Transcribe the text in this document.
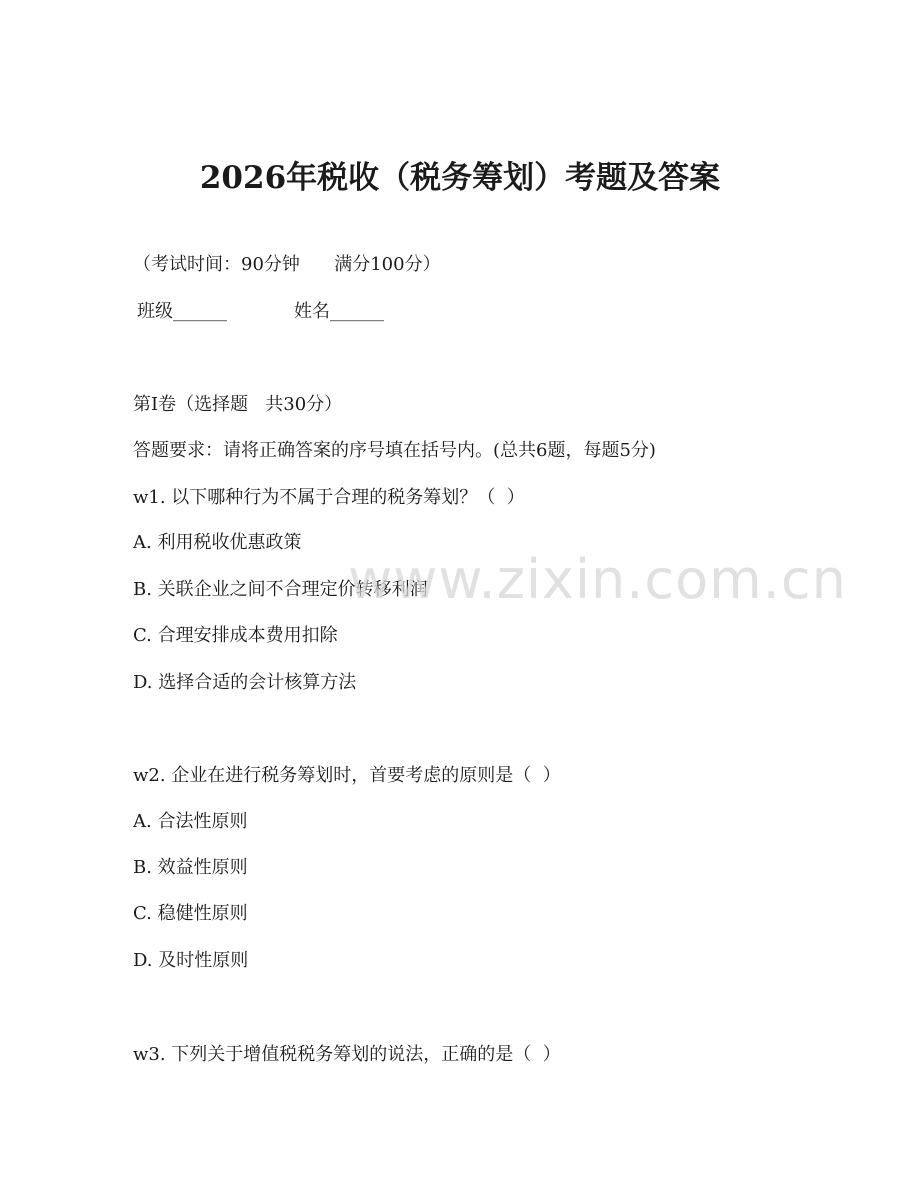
2026年税收（税务筹划）考题及答案
（考试时间：90分钟      满分100分）
班级______	姓名______
第I卷（选择题   共30分）
答题要求：请将正确答案的序号填在括号内。(总共6题，每题5分)
w1. 以下哪种行为不属于合理的税务筹划？（  ）
A. 利用税收优惠政策
B. 关联企业之间不合理定价转移利润
C. 合理安排成本费用扣除
D. 选择合适的会计核算方法
w2. 企业在进行税务筹划时，首要考虑的原则是（  ）
A. 合法性原则
B. 效益性原则
C. 稳健性原则
D. 及时性原则
w3. 下列关于增值税税务筹划的说法，正确的是（  ）
www.zixin.com.cn
